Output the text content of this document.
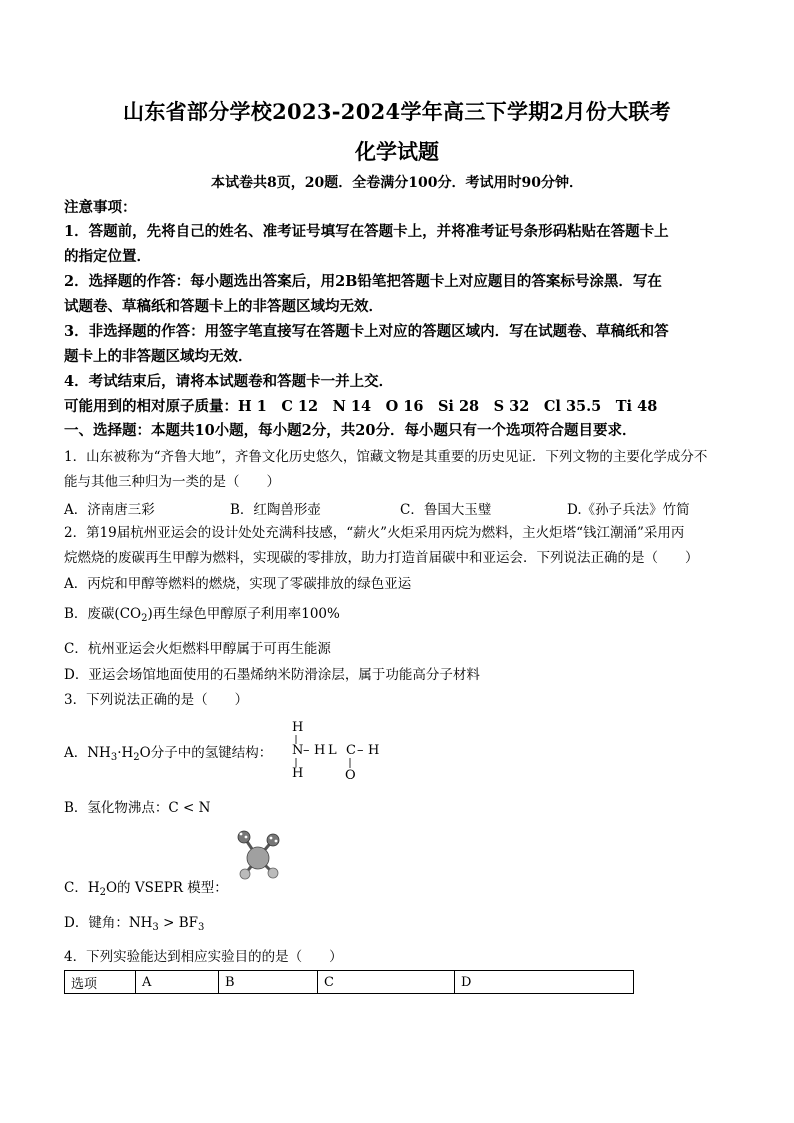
山东省部分学校2023-2024学年高三下学期2月份大联考
化学试题
本试卷共8页，20题．全卷满分100分．考试用时90分钟．
注意事项：
1．答题前，先将自己的姓名、准考证号填写在答题卡上，并将准考证号条形码粘贴在答题卡上
的指定位置．
2．选择题的作答：每小题选出答案后，用2B铅笔把答题卡上对应题目的答案标号涂黑．写在
试题卷、草稿纸和答题卡上的非答题区域均无效．
3．非选择题的作答：用签字笔直接写在答题卡上对应的答题区域内．写在试题卷、草稿纸和答
题卡上的非答题区域均无效．
4．考试结束后，请将本试题卷和答题卡一并上交．
可能用到的相对原子质量：H 1　C 12　N 14　O 16　Si 28　S 32　Cl 35.5　Ti 48
一、选择题：本题共10小题，每小题2分，共20分．每小题只有一个选项符合题目要求．
1．山东被称为“齐鲁大地”，齐鲁文化历史悠久，馆藏文物是其重要的历史见证．下列文物的主要化学成分不
能与其他三种归为一类的是（　　）
A．济南唐三彩	B．红陶兽形壶	C．鲁国大玉璧	D.《孙子兵法》竹简
2．第19届杭州亚运会的设计处处充满科技感，“薪火”火炬采用丙烷为燃料，主火炬塔“钱江潮涌”采用丙
烷燃烧的废碳再生甲醇为燃料，实现碳的零排放，助力打造首届碳中和亚运会．下列说法正确的是（　　）
A．丙烷和甲醇等燃料的燃烧，实现了零碳排放的绿色亚运
B．废碳$(CO_2)$再生绿色甲醇原子利用率100%
C．杭州亚运会火炬燃料甲醇属于可再生能源
D．亚运会场馆地面使用的石墨烯纳米防滑涂层，属于功能高分子材料
3．下列说法正确的是（　　）
A．$NH_3\cdot H_2O$分子中的氢键结构：
H
N – H L C – H
H	O
B．氢化物沸点：C < N
C．$H_2O$的 VSEPR 模型：
D．键角：$NH_3 > BF_3$
4．下列实验能达到相应实验目的的是（　　）
选项	A	B	C	D
